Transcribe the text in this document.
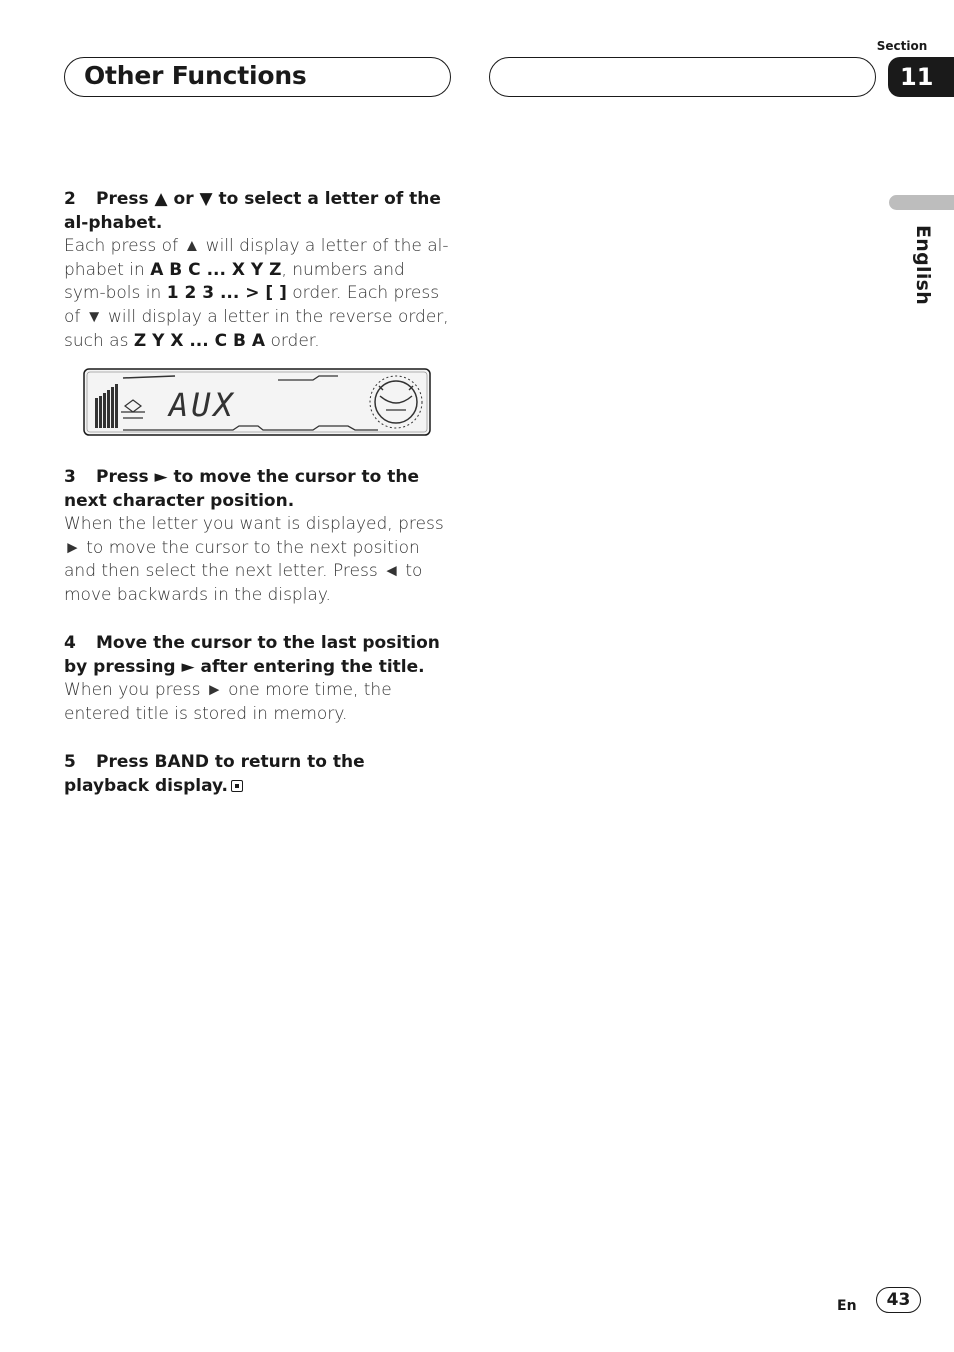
Other Functions
Section
11
English

2 Press ▲ or ▼ to select a letter of the al-phabet.

Each press of ▲ will display a letter of the al-phabet in A B C ... X Y Z, numbers and sym-bols in 1 2 3 ... > [ ] order. Each press of ▼ will display a letter in the reverse order, such as Z Y X ... C B A order.

AUX

3 Press ► to move the cursor to the next character position.

When the letter you want is displayed, press ► to move the cursor to the next position and then select the next letter. Press ◄ to move backwards in the display.

4 Move the cursor to the last position by pressing ► after entering the title.

When you press ► one more time, the entered title is stored in memory.

5 Press BAND to return to the playback display.

En	43
